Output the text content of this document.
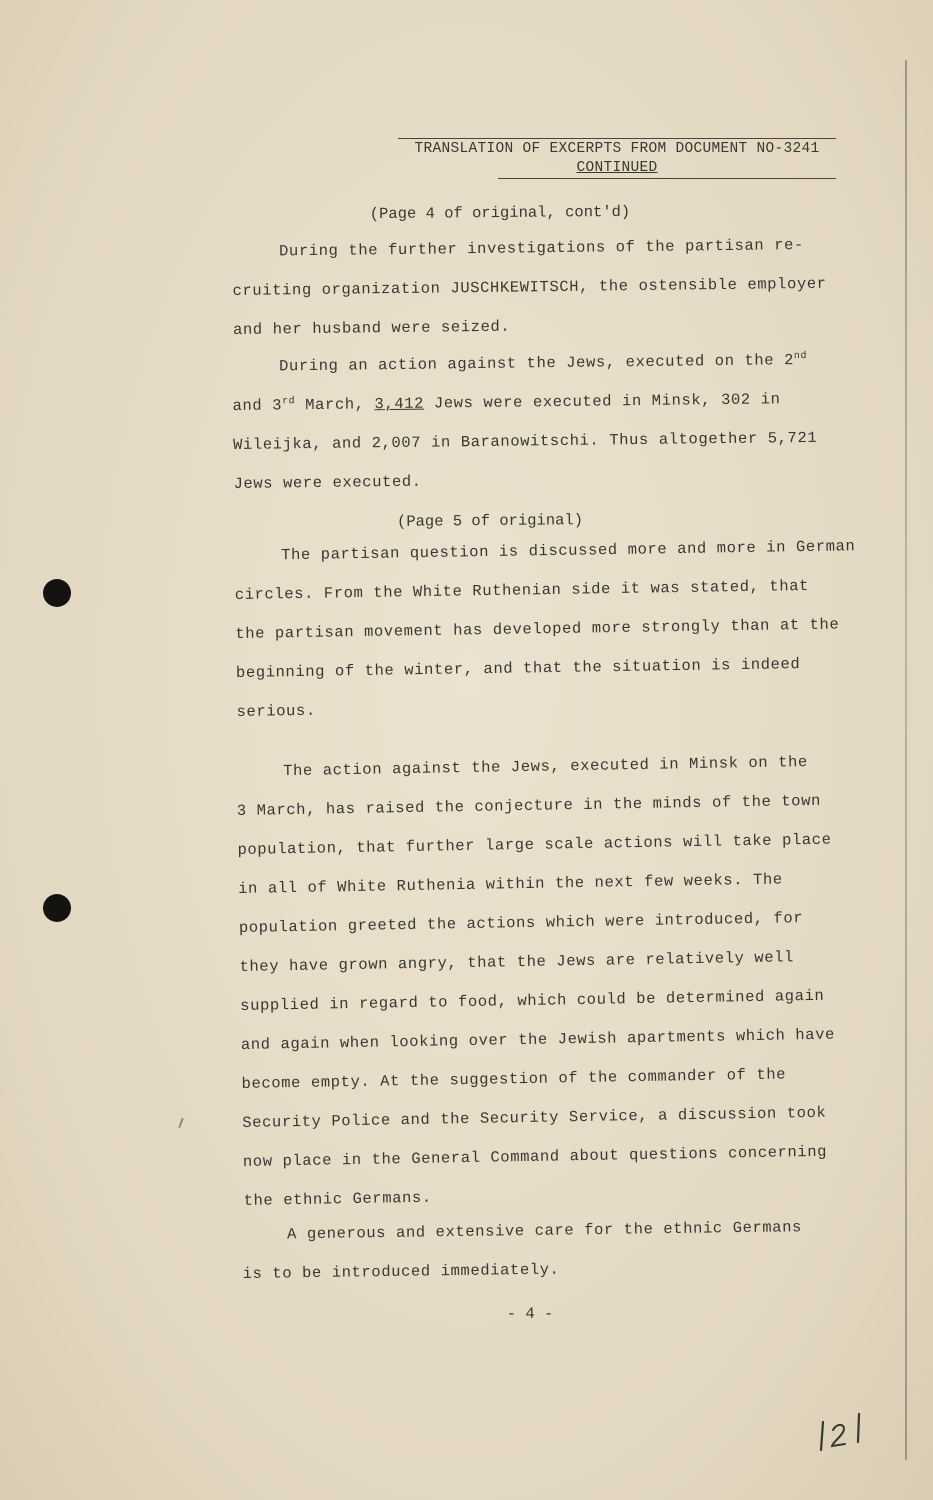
TRANSLATION OF EXCERPTS FROM DOCUMENT NO-3241
CONTINUED
(Page 4 of original, cont'd)
During the further investigations of the partisan re-
cruiting organization JUSCHKEWITSCH, the ostensible employer
and her husband were seized.
During an action against the Jews, executed on the 2nd
and 3rd March, 3,412 Jews were executed in Minsk, 302 in
Wileijka, and 2,007 in Baranowitschi. Thus altogether 5,721
Jews were executed.
(Page 5 of original)
The partisan question is discussed more and more in German
circles. From the White Ruthenian side it was stated, that
the partisan movement has developed more strongly than at the
beginning of the winter, and that the situation is indeed
serious.
The action against the Jews, executed in Minsk on the
3 March, has raised the conjecture in the minds of the town
population, that further large scale actions will take place
in all of White Ruthenia within the next few weeks. The
population greeted the actions which were introduced, for
they have grown angry, that the Jews are relatively well
supplied in regard to food, which could be determined again
and again when looking over the Jewish apartments which have
become empty. At the suggestion of the commander of the
Security Police and the Security Service, a discussion took
now place in the General Command about questions concerning
the ethnic Germans.
A generous and extensive care for the ethnic Germans
is to be introduced immediately.
- 4 -
